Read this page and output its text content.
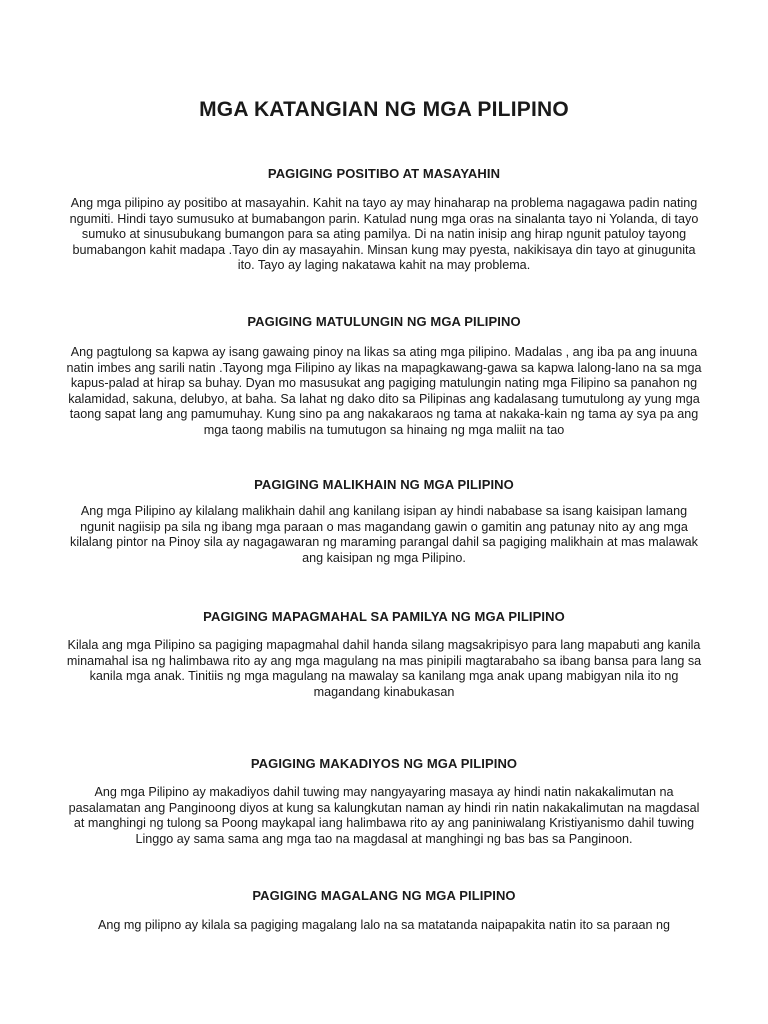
MGA KATANGIAN NG MGA PILIPINO
PAGIGING POSITIBO AT MASAYAHIN

Ang mga pilipino ay positibo at masayahin. Kahit na tayo ay may hinaharap na problema nagagawa padin nating ngumiti. Hindi tayo sumusuko at bumabangon parin. Katulad nung mga oras na sinalanta tayo ni Yolanda, di tayo sumuko at sinusubukang bumangon para sa ating pamilya. Di na natin inisip ang hirap ngunit patuloy tayong bumabangon kahit madapa .Tayo din ay masayahin. Minsan kung may pyesta, nakikisaya din tayo at ginugunita ito. Tayo ay laging nakatawa kahit na may problema.

PAGIGING MATULUNGIN NG MGA PILIPINO

Ang pagtulong sa kapwa ay isang gawaing pinoy na likas sa ating mga pilipino. Madalas , ang iba pa ang inuuna natin imbes ang sarili natin .Tayong mga Filipino ay likas na mapagkawang-gawa sa kapwa lalong-lano na sa mga kapus-palad at hirap sa buhay. Dyan mo masusukat ang pagiging matulungin nating mga Filipino sa panahon ng kalamidad, sakuna, delubyo, at baha. Sa lahat ng dako dito sa Pilipinas ang kadalasang tumutulong ay yung mga taong sapat lang ang pamumuhay. Kung sino pa ang nakakaraos ng tama at nakaka-kain ng tama ay sya pa ang mga taong mabilis na tumutugon sa hinaing ng mga maliit na tao

PAGIGING MALIKHAIN NG MGA PILIPINO

Ang mga Pilipino ay kilalang malikhain dahil ang kanilang isipan ay hindi nababase sa isang kaisipan lamang ngunit nagiisip pa sila ng ibang mga paraan o mas magandang gawin o gamitin ang patunay nito ay ang mga kilalang pintor na Pinoy sila ay nagagawaran ng maraming parangal dahil sa pagiging malikhain at mas malawak ang kaisipan ng mga Pilipino.

PAGIGING MAPAGMAHAL SA PAMILYA NG MGA PILIPINO

Kilala ang mga Pilipino sa pagiging mapagmahal dahil handa silang magsakripisyo para lang mapabuti ang kanila minamahal isa ng halimbawa rito ay ang mga magulang na mas pinipili magtarabaho sa ibang bansa para lang sa kanila mga anak. Tinitiis ng mga magulang na mawalay sa kanilang mga anak upang mabigyan nila ito ng magandang kinabukasan

PAGIGING MAKADIYOS NG MGA PILIPINO

Ang mga Pilipino ay makadiyos dahil tuwing may nangyayaring masaya ay hindi natin nakakalimutan na pasalamatan ang Panginoong diyos at kung sa kalungkutan naman ay hindi rin natin nakakalimutan na magdasal at manghingi ng tulong sa Poong maykapal iang halimbawa rito ay ang paniniwalang Kristiyanismo dahil tuwing Linggo ay sama sama ang mga tao na magdasal at manghingi ng bas bas sa Panginoon.

PAGIGING MAGALANG NG MGA PILIPINO

Ang mg pilipno ay kilala sa pagiging magalang lalo na sa matatanda naipapakita natin ito sa paraan ng
